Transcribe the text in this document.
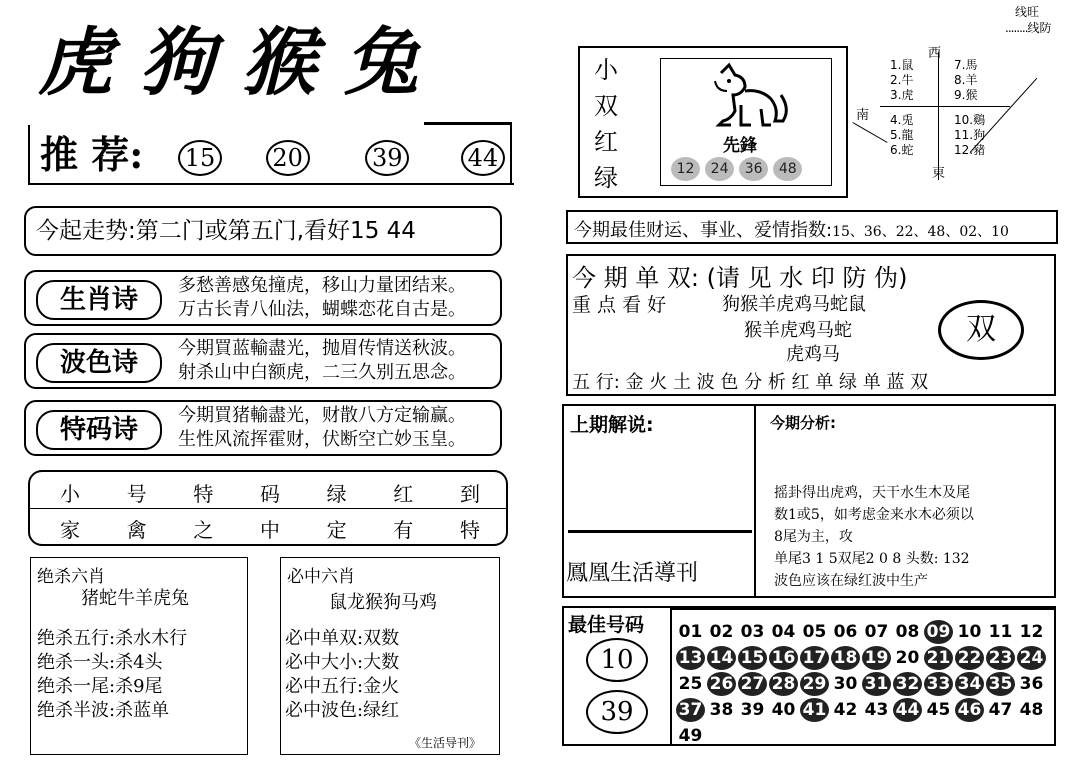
虎狗猴兔
推 荐: 15 20	39	44
今起走势:第二门或第五门,看好15 44
生肖诗	多愁善感兔撞虎，移山力量团结来。
万古长青八仙法，蝴蝶恋花自古是。
波色诗	今期買蓝輸盡光，抛眉传情送秋波。
射杀山中白额虎，二三久别五思念。
特码诗	今期買猪輸盡光，财散八方定输赢。
生性风流挥霍财，伏断空亡妙玉皇。
小 号 特 码 绿 红 到
家 禽 之 中 定 有 特
绝杀六肖
猪蛇牛羊虎兔
绝杀五行:杀水木行
绝杀一头:杀4头
绝杀一尾:杀9尾
绝杀半波:杀蓝单
必中六肖
鼠龙猴狗马鸡
必中单双:双数
必中大小:大数
必中五行:金火
必中波色:绿红
《生活导刊》
线旺
........线防
小
双
红
绿
先鋒
12 24 36 48
西
南
東
1.鼠
2.牛
3.虎
4.兎
5.龍
6.蛇
7.馬
8.羊
9.猴
10.鷄
11.狗
12.豬
今期最佳财运、事业、爱情指数:15、36、22、48、02、10
今 期 单 双: (请 见 水 印 防 伪)
重 点 看 好	狗猴羊虎鸡马蛇鼠
猴羊虎鸡马蛇
虎鸡马
双
五 行: 金 火 土 波 色 分 析 红 单 绿 单 蓝 双
上期解说:
鳳凰生活導刊
今期分析:
摇卦得出虎鸡，天干水生木及尾
数1或5，如考虑金来水木必须以
8尾为主，攻
单尾3 1 5双尾2 0 8 头数: 132
波色应该在绿红波中生产
最佳号码
10
39
01 02 03 04 05 06 07 08 09 10 11 12
13 14 15 16 17 18 19 20 21 22 23 24
25 26 27 28 29 30 31 32 33 34 35 36
37 38 39 40 41 42 43 44 45 46 47 48
49
